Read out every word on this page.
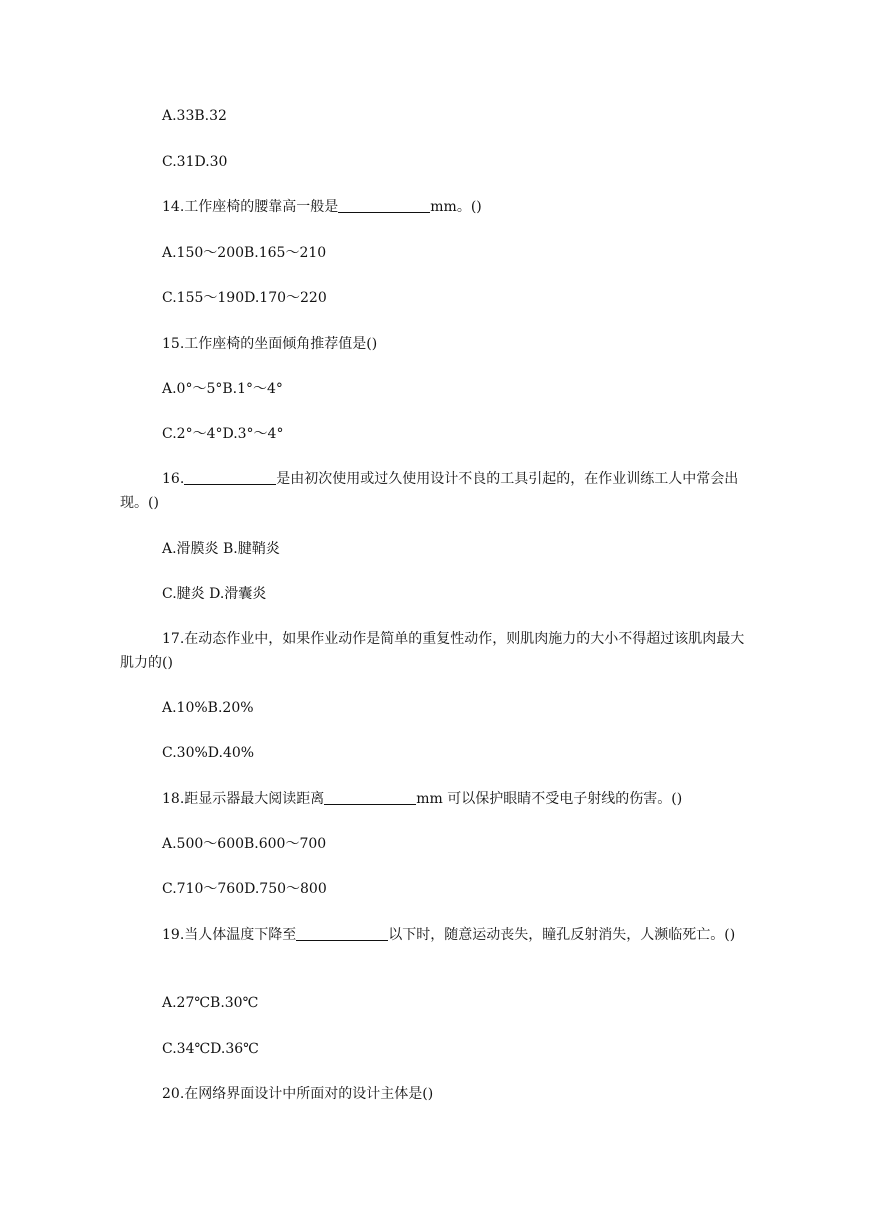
A.33B.32
C.31D.30
14.工作座椅的腰靠高一般是	mm。()
A.150～200B.165～210
C.155～190D.170～220
15.工作座椅的坐面倾角推荐值是()
A.0°～5°B.1°～4°
C.2°～4°D.3°～4°
16.	是由初次使用或过久使用设计不良的工具引起的，在作业训练工人中常会出现。()
A.滑膜炎 B.腱鞘炎
C.腱炎 D.滑囊炎
17.在动态作业中，如果作业动作是简单的重复性动作，则肌肉施力的大小不得超过该肌肉最大肌力的()
A.10%B.20%
C.30%D.40%
18.距显示器最大阅读距离	mm 可以保护眼睛不受电子射线的伤害。()
A.500～600B.600～700
C.710～760D.750～800
19.当人体温度下降至	以下时，随意运动丧失，瞳孔反射消失，人濒临死亡。()
A.27℃B.30℃
C.34℃D.36℃
20.在网络界面设计中所面对的设计主体是()
